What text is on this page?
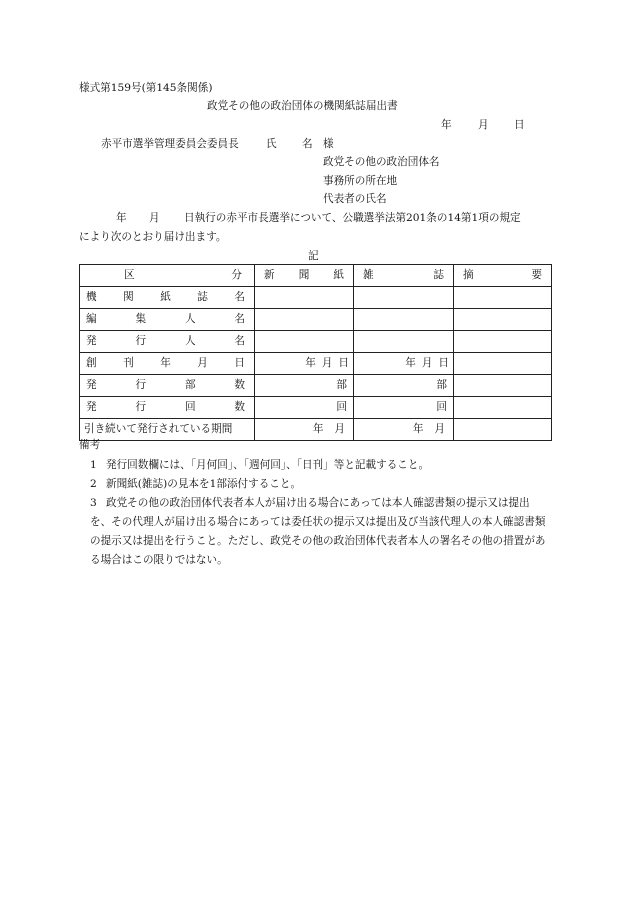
様式第159号(第145条関係)
政党その他の政治団体の機関紙誌届出書
年 月 日
赤平市選挙管理委員会委員長	氏 名 様
政党その他の政治団体名
事務所の所在地
代表者の氏名
年 月 日執行の赤平市長選挙について、公職選挙法第201条の14第1項の規定
により次のとおり届け出ます。
記
区 分	新 聞 紙	雑 誌	摘 要

機 関 紙 誌 名			

編 集 人 名			

発 行 人 名			

創 刊 年 月 日	年 月 日	年 月 日	

発 行 部 数	部	部	

発 行 回 数	回	回	

引き続いて発行されている期間	年 月	年 月	

備考
1 発行回数欄には、「月何回」、「週何回」、「日刊」等と記載すること。
2 新聞紙(雑誌)の見本を1部添付すること。
3 政党その他の政治団体代表者本人が届け出る場合にあっては本人確認書類の提示又は提出を、その代理人が届け出る場合にあっては委任状の提示又は提出及び当該代理人の本人確認書類の提示又は提出を行うこと。ただし、政党その他の政治団体代表者本人の署名その他の措置がある場合はこの限りではない。
